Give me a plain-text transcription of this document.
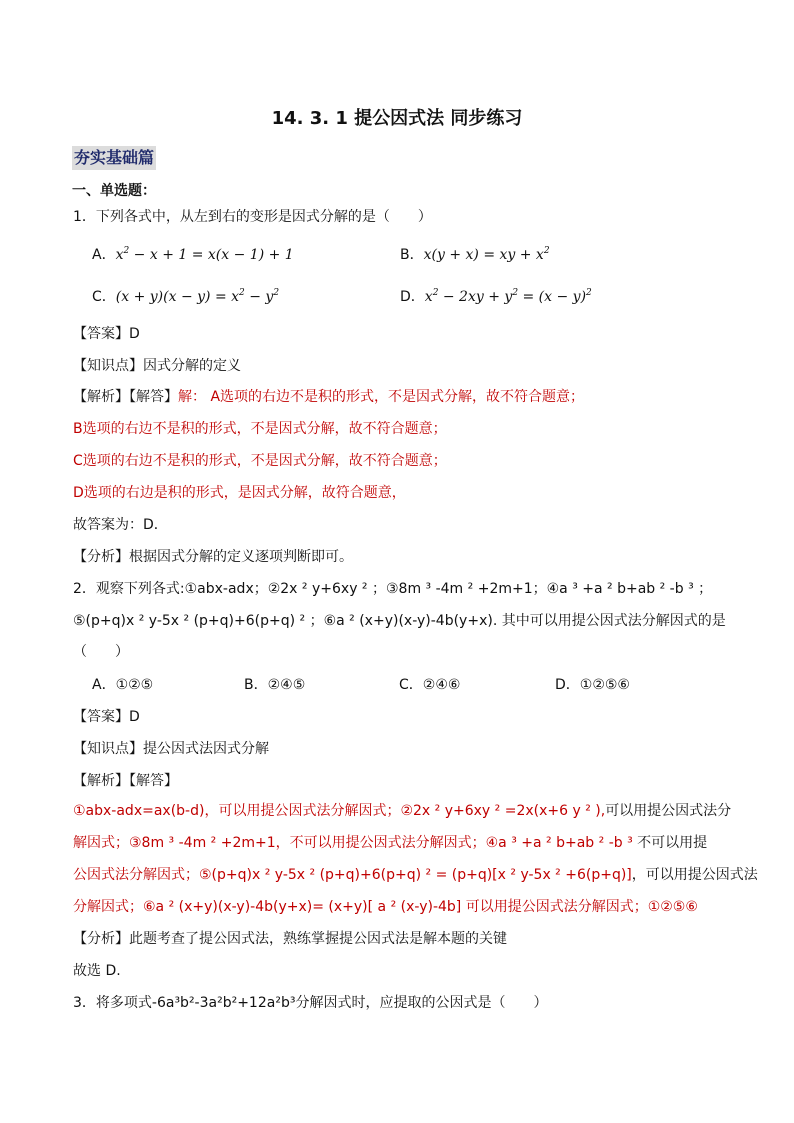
14. 3. 1 提公因式法 同步练习
夯实基础篇
一、单选题：
1．下列各式中，从左到右的变形是因式分解的是（　　）
A．$x^2 - x + 1 = x(x - 1) + 1$	B．x(y + x) = xy + $x^2$
C．$(x + y)(x - y) = x^2 - y^2$	D．$x^2 - 2xy + y^2 = (x - y)^2$
【答案】D
【知识点】因式分解的定义
【解析】【解答】解： A选项的右边不是积的形式，不是因式分解，故不符合题意；
B选项的右边不是积的形式，不是因式分解，故不符合题意；
C选项的右边不是积的形式，不是因式分解，故不符合题意；
D选项的右边是积的形式，是因式分解，故符合题意，
故答案为：D．
【分析】根据因式分解的定义逐项判断即可。
2．观察下列各式:①abx-adx；②2x ² y+6xy ² ；③8m ³ -4m ² +2m+1；④a ³ +a ² b+ab ² -b ³ ；
⑤(p+q)x ² y-5x ² (p+q)+6(p+q) ² ；⑥a ² (x+y)(x-y)-4b(y+x). 其中可以用提公因式法分解因式的是
（　　）
A．①②⑤	B．②④⑤	C．②④⑥	D．①②⑤⑥
【答案】D
【知识点】提公因式法因式分解
【解析】【解答】
①abx-adx=ax(b-d)，可以用提公因式法分解因式；②2x ² y+6xy ² =2x(x+6 y ² ),可以用提公因式法分
解因式；③8m ³ -4m ² +2m+1，不可以用提公因式法分解因式；④a ³ +a ² b+ab ² -b ³ 不可以用提
公因式法分解因式；⑤(p+q)x ² y-5x ² (p+q)+6(p+q) ² = (p+q)[x ² y-5x ² +6(p+q)]，可以用提公因式法
分解因式；⑥a ² (x+y)(x-y)-4b(y+x)= (x+y)[ a ² (x-y)-4b] 可以用提公因式法分解因式；①②⑤⑥
【分析】此题考查了提公因式法，熟练掌握提公因式法是解本题的关键
故选 D.
3．将多项式-6a³b²-3a²b²+12a²b³分解因式时，应提取的公因式是（　　）
